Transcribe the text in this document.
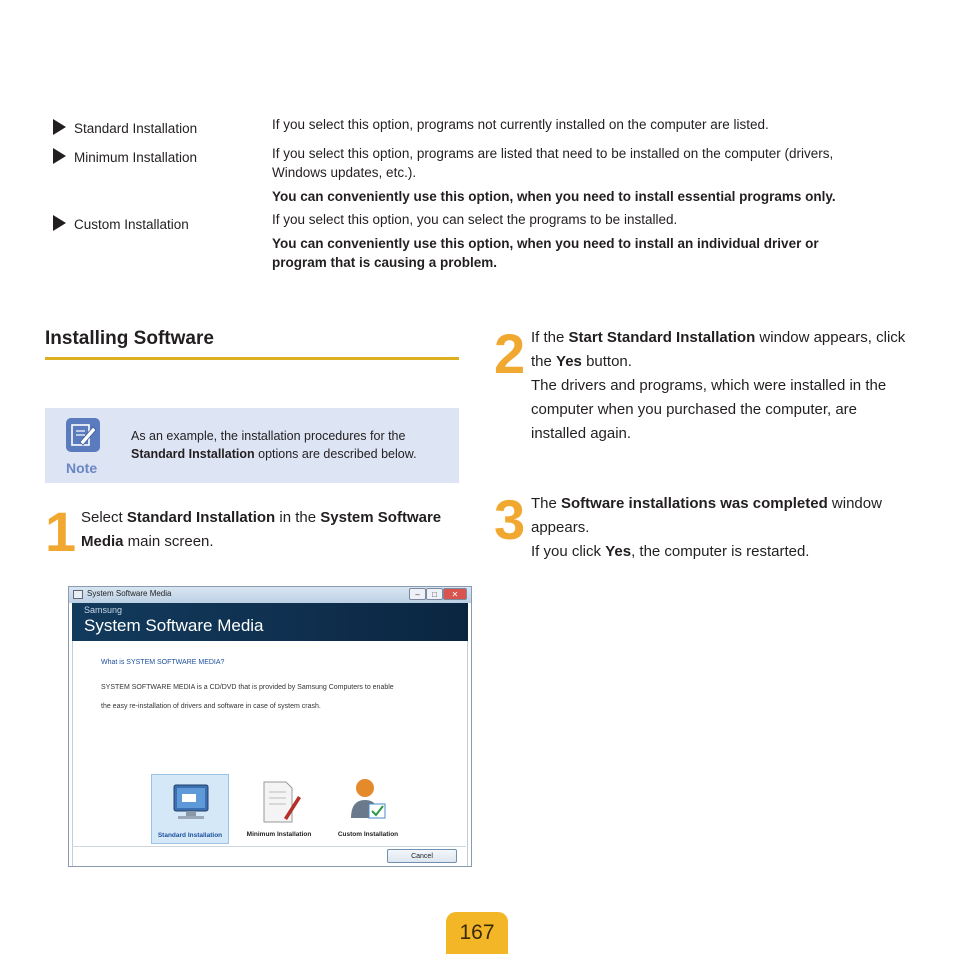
Standard Installation	If you select this option, programs not currently installed on the computer are listed.
Minimum Installation	If you select this option, programs are listed that need to be installed on the computer (drivers, Windows updates, etc.).
You can conveniently use this option, when you need to install essential programs only.
Custom Installation	If you select this option, you can select the programs to be installed.
You can conveniently use this option, when you need to install an individual driver or program that is causing a problem.
Installing Software
Note
As an example, the installation procedures for the Standard Installation options are described below.
1 Select Standard Installation in the System Software Media main screen.
2 If the Start Standard Installation window appears, click the Yes button.
The drivers and programs, which were installed in the computer when you purchased the computer, are installed again.
3 The Software installations was completed window appears.
If you click Yes, the computer is restarted.
System Software Media	–	□	✕
Samsung
System Software Media
What is SYSTEM SOFTWARE MEDIA?
SYSTEM SOFTWARE MEDIA is a CD/DVD that is provided by Samsung Computers to enable
the easy re-installation of drivers and software in case of system crash.
Standard Installation	Minimum Installation	Custom Installation
Cancel
167
